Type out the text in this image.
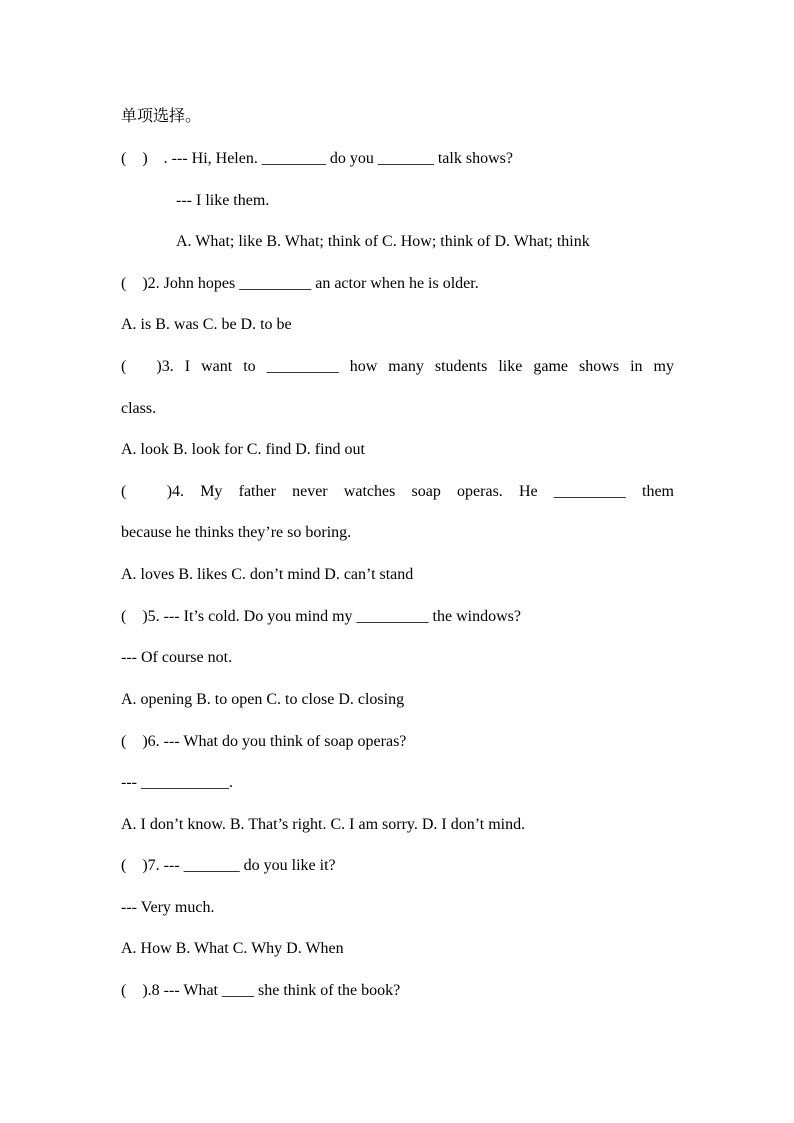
单项选择。
(　)　. --- Hi, Helen. ________ do you _______ talk shows?
--- I like them.
A. What; like B. What; think of C. How; think of D. What; think
(　)2. John hopes _________ an actor when he is older.
A. is B. was C. be D. to be
(　)3. I want to _________ how many students like game shows in my
class.
A. look B. look for C. find D. find out
(　)4. My father never watches soap operas. He _________ them
because he thinks they’re so boring.
A. loves B. likes C. don’t mind D. can’t stand
(　)5. --- It’s cold. Do you mind my _________ the windows?
--- Of course not.
A. opening B. to open C. to close D. closing
(　)6. --- What do you think of soap operas?
--- ___________.
A. I don’t know. B. That’s right. C. I am sorry. D. I don’t mind.
(　)7. --- _______ do you like it?
--- Very much.
A. How B. What C. Why D. When
(　).8 --- What ____ she think of the book?
